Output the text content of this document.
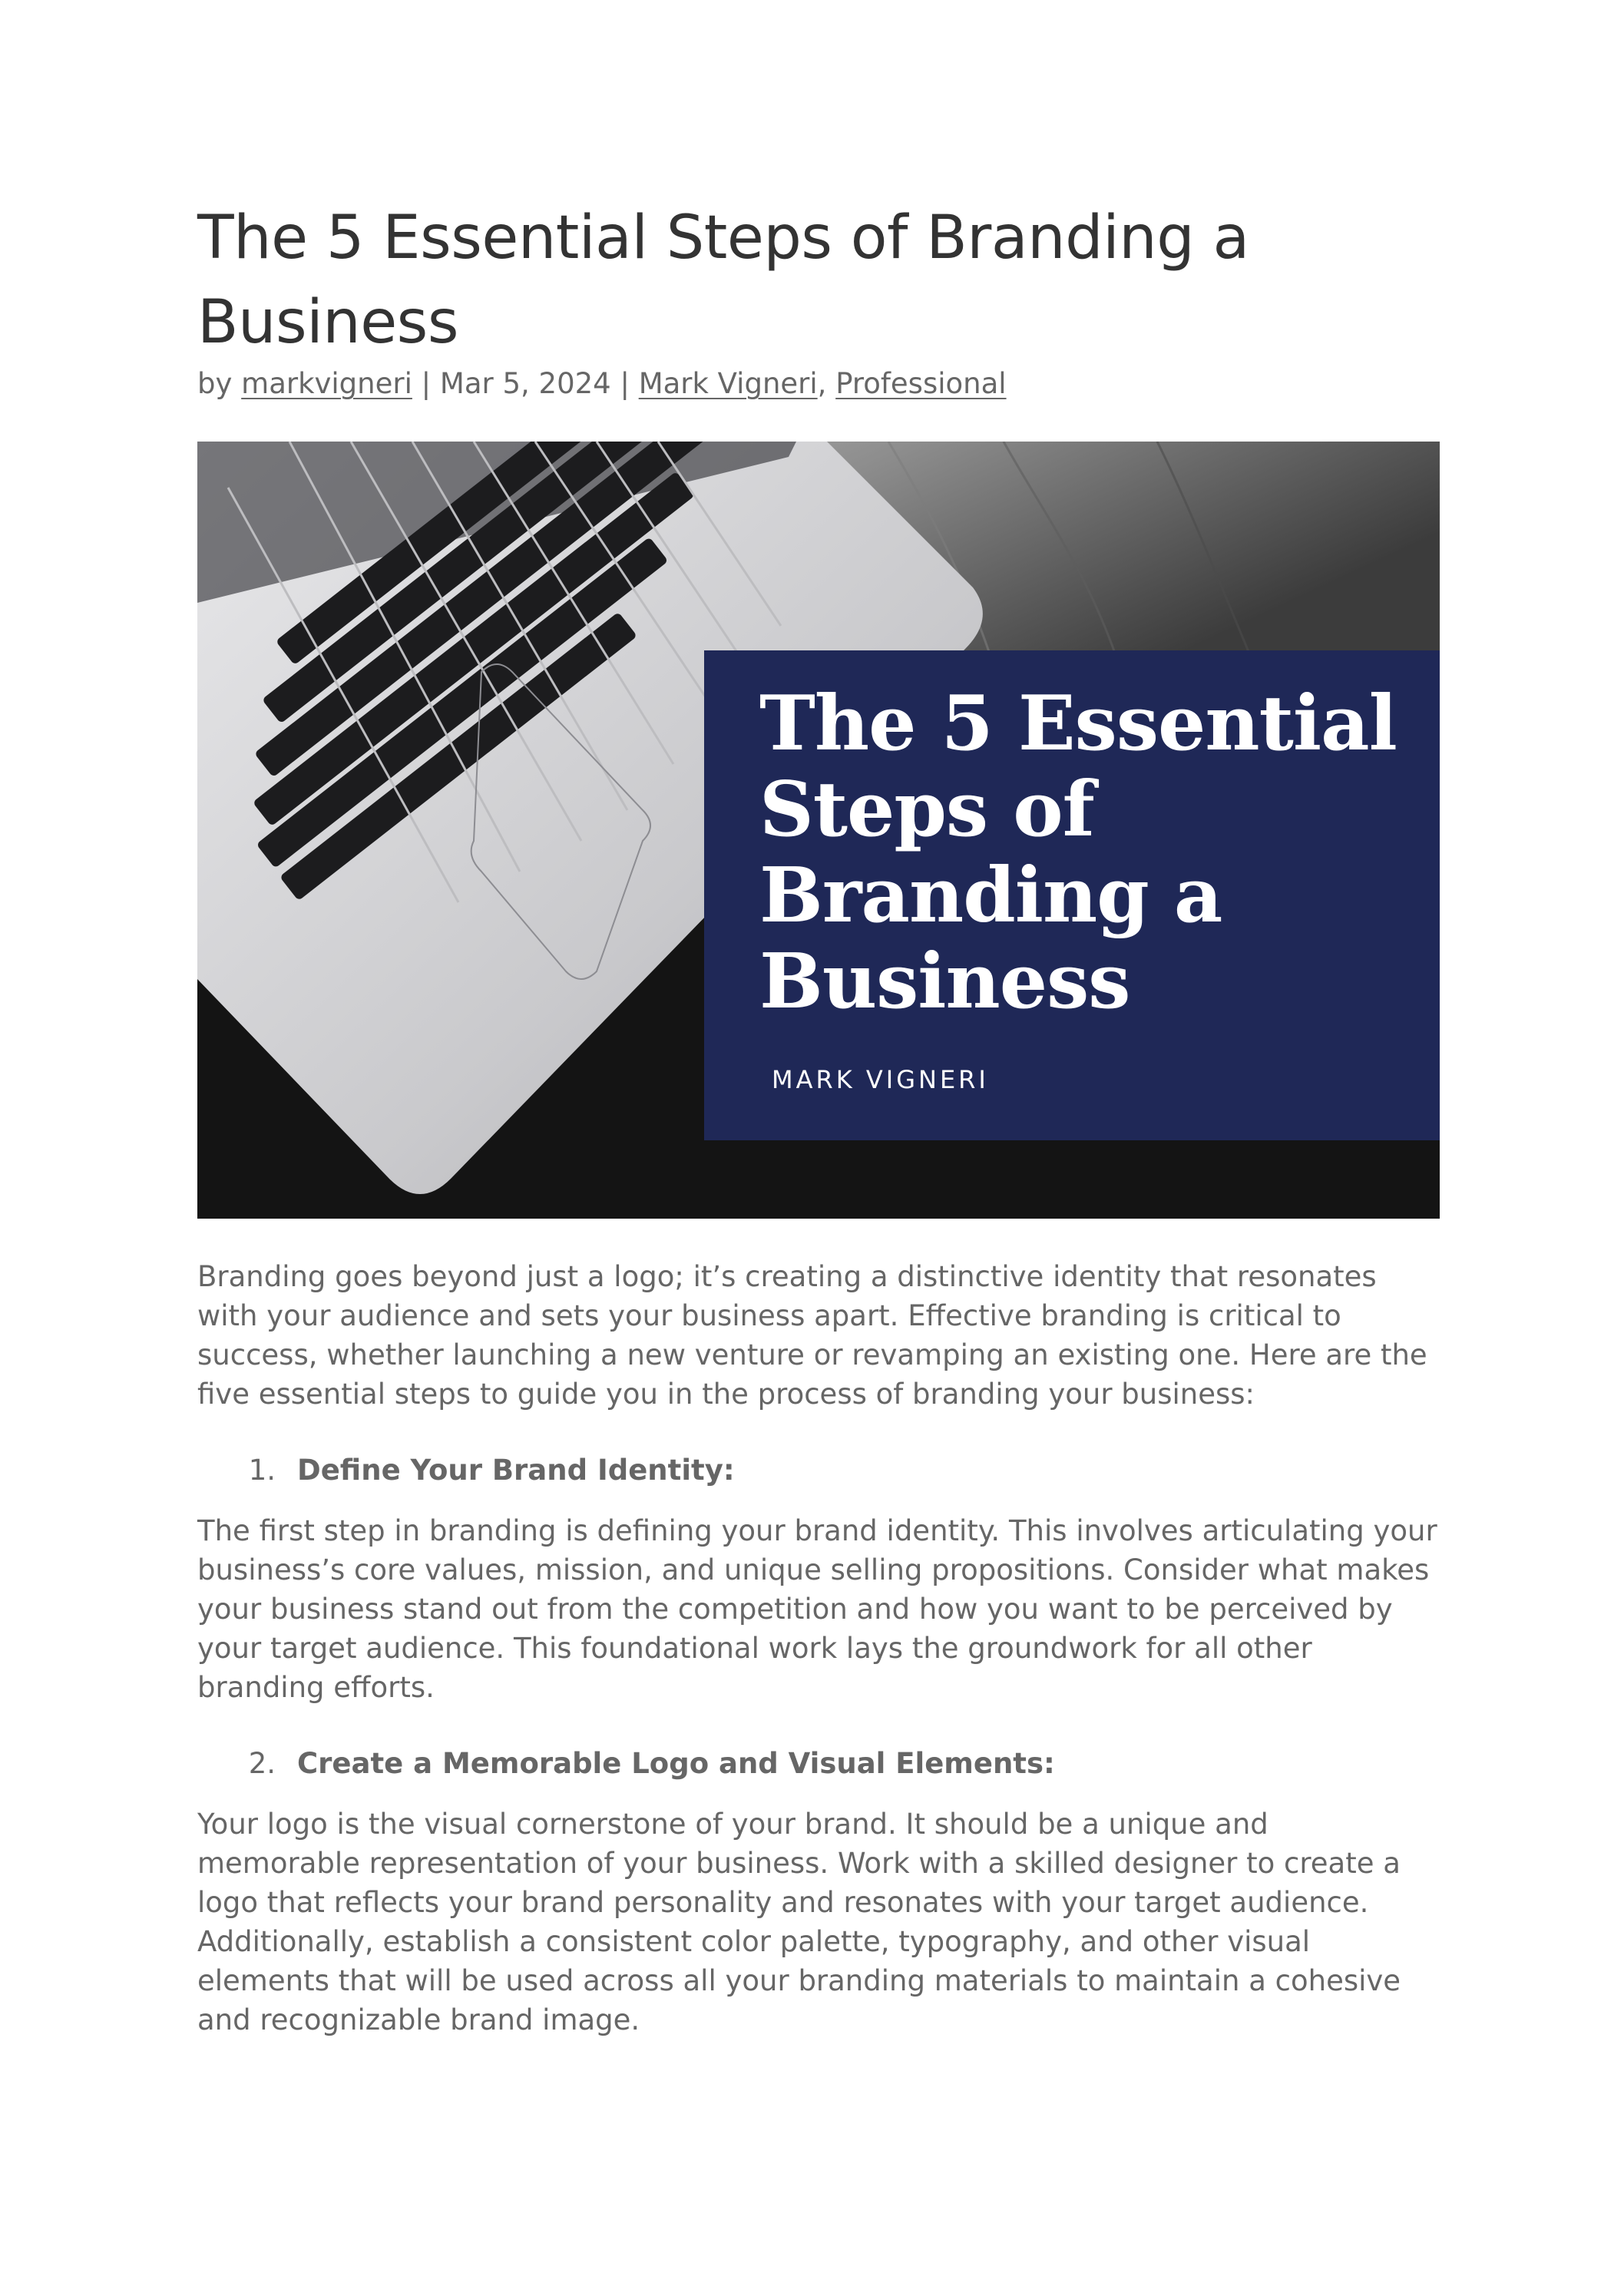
The 5 Essential Steps of Branding a Business
by markvigneri | Mar 5, 2024 | Mark Vigneri, Professional
The 5 Essential Steps of Branding a Business
MARK VIGNERI

Branding goes beyond just a logo; it’s creating a distinctive identity that resonates with your audience and sets your business apart. Effective branding is critical to success, whether launching a new venture or revamping an existing one. Here are the five essential steps to guide you in the process of branding your business:

1. Define Your Brand Identity:

The first step in branding is defining your brand identity. This involves articulating your business’s core values, mission, and unique selling propositions. Consider what makes your business stand out from the competition and how you want to be perceived by your target audience. This foundational work lays the groundwork for all other branding efforts.

2. Create a Memorable Logo and Visual Elements:

Your logo is the visual cornerstone of your brand. It should be a unique and memorable representation of your business. Work with a skilled designer to create a logo that reflects your brand personality and resonates with your target audience. Additionally, establish a consistent color palette, typography, and other visual elements that will be used across all your branding materials to maintain a cohesive and recognizable brand image.
